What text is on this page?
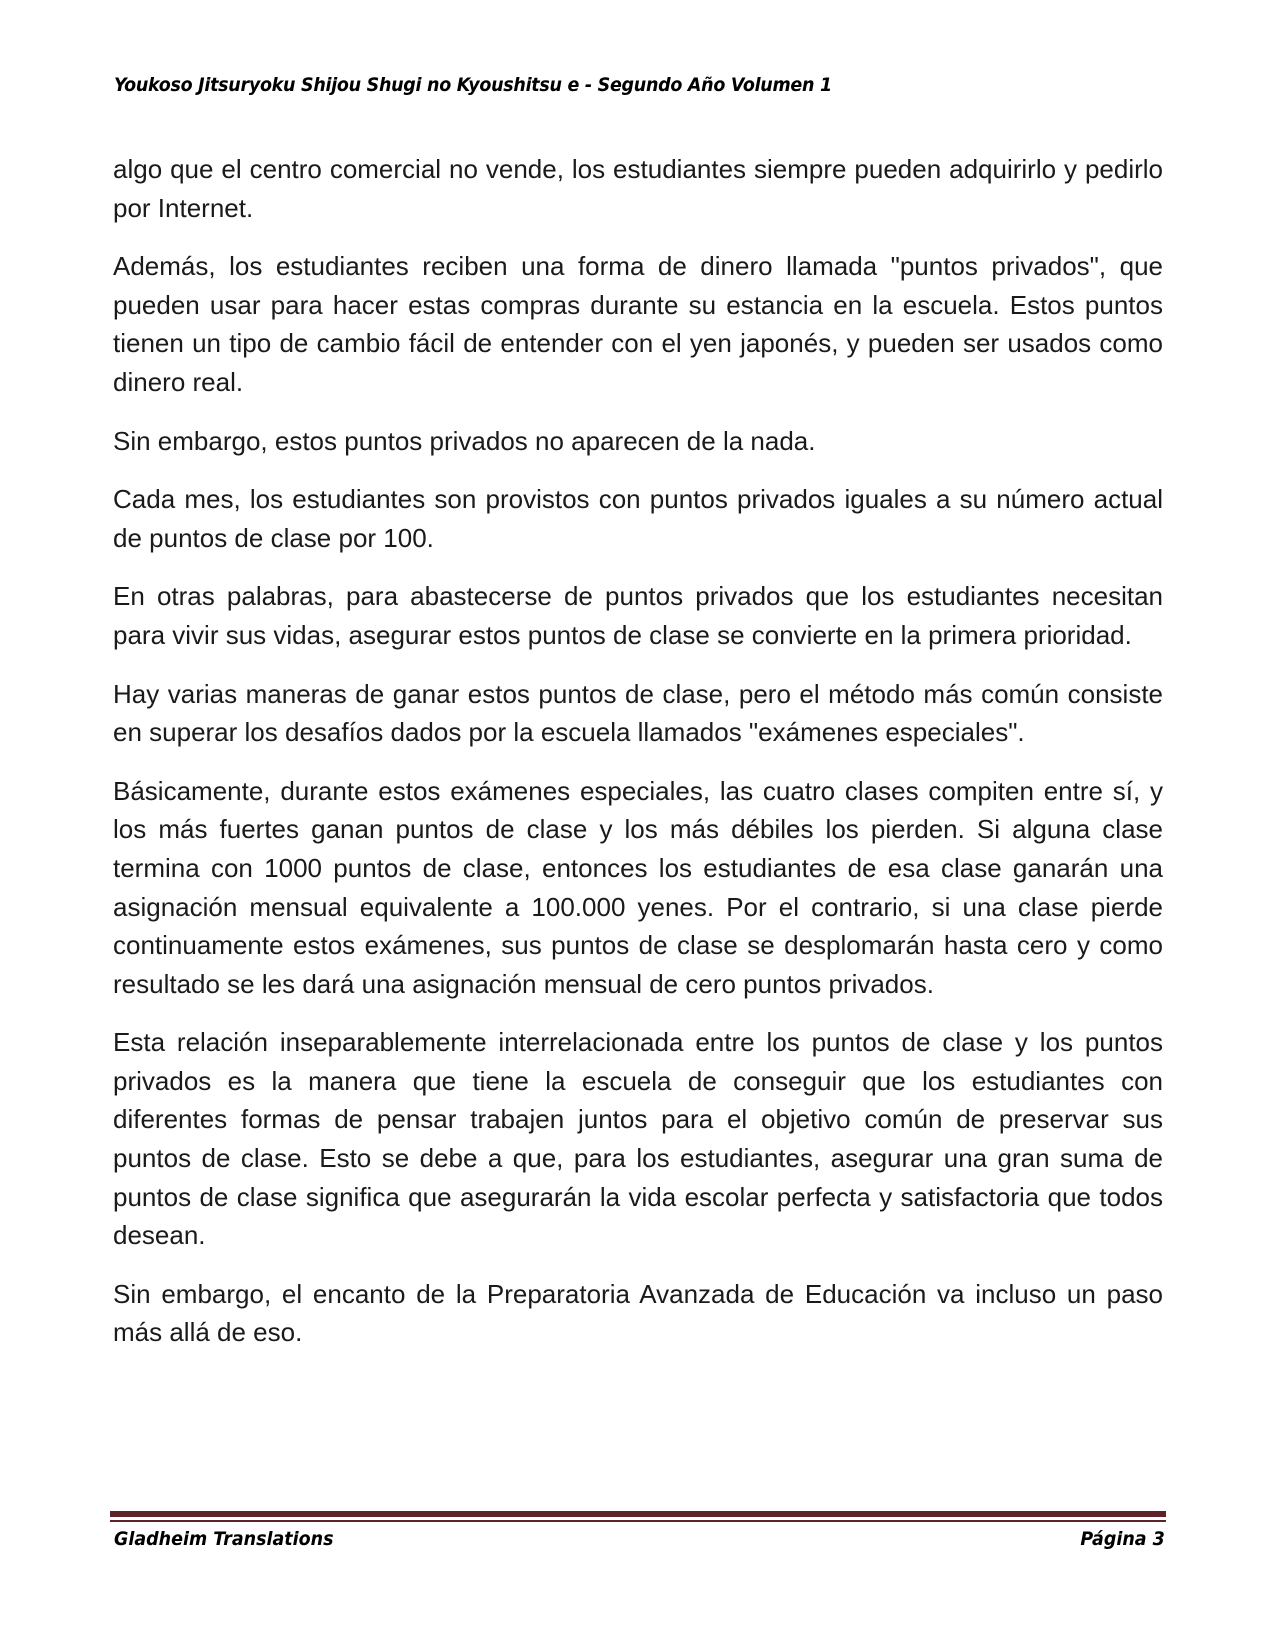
Youkoso Jitsuryoku Shijou Shugi no Kyoushitsu e - Segundo Año Volumen 1

algo que el centro comercial no vende, los estudiantes siempre pueden adquirirlo y pedirlo por Internet.

Además, los estudiantes reciben una forma de dinero llamada "puntos privados", que pueden usar para hacer estas compras durante su estancia en la escuela. Estos puntos tienen un tipo de cambio fácil de entender con el yen japonés, y pueden ser usados como dinero real.

Sin embargo, estos puntos privados no aparecen de la nada.

Cada mes, los estudiantes son provistos con puntos privados iguales a su número actual de puntos de clase por 100.

En otras palabras, para abastecerse de puntos privados que los estudiantes necesitan para vivir sus vidas, asegurar estos puntos de clase se convierte en la primera prioridad.

Hay varias maneras de ganar estos puntos de clase, pero el método más común consiste en superar los desafíos dados por la escuela llamados "exámenes especiales".

Básicamente, durante estos exámenes especiales, las cuatro clases compiten entre sí, y los más fuertes ganan puntos de clase y los más débiles los pierden. Si alguna clase termina con 1000 puntos de clase, entonces los estudiantes de esa clase ganarán una asignación mensual equivalente a 100.000 yenes. Por el contrario, si una clase pierde continuamente estos exámenes, sus puntos de clase se desplomarán hasta cero y como resultado se les dará una asignación mensual de cero puntos privados.

Esta relación inseparablemente interrelacionada entre los puntos de clase y los puntos privados es la manera que tiene la escuela de conseguir que los estudiantes con diferentes formas de pensar trabajen juntos para el objetivo común de preservar sus puntos de clase. Esto se debe a que, para los estudiantes, asegurar una gran suma de puntos de clase significa que asegurarán la vida escolar perfecta y satisfactoria que todos desean.

Sin embargo, el encanto de la Preparatoria Avanzada de Educación va incluso un paso más allá de eso.

Gladheim Translations	Página 3
